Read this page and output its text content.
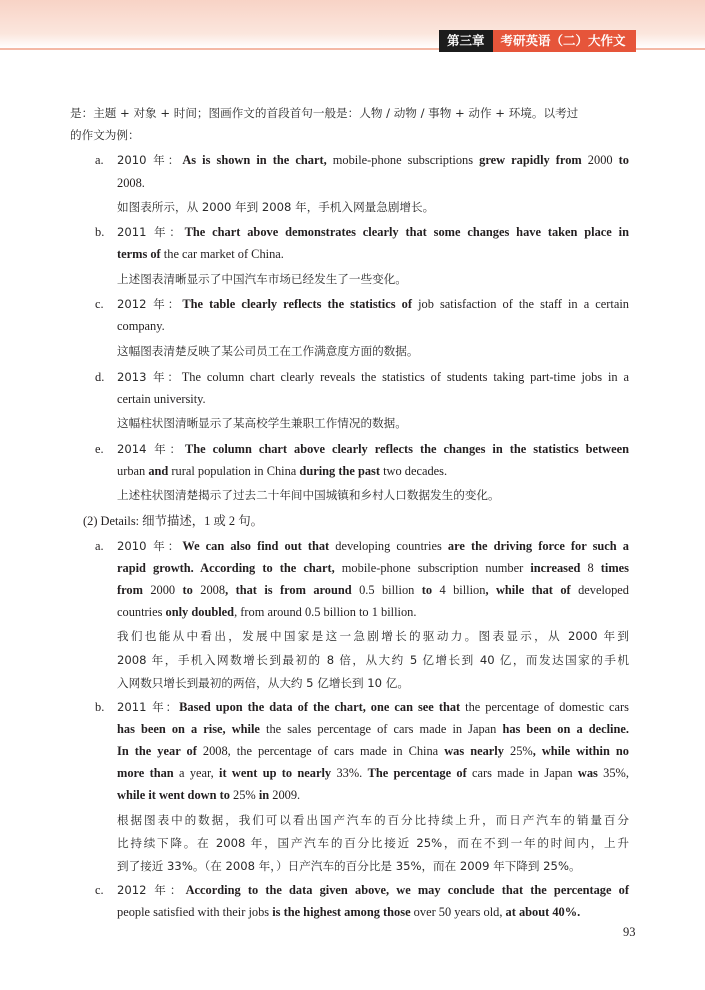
第三章	考研英语（二）大作文
是：主题 + 对象 + 时间；图画作文的首段首句一般是：人物 / 动物 / 事物 + 动作 + 环境。以考过
的作文为例：
a. 2010 年：As is shown in the chart, mobile-phone subscriptions grew rapidly from 2000 to
2008.
如图表所示，从 2000 年到 2008 年，手机入网量急剧增长。
b. 2011 年：The chart above demonstrates clearly that some changes have taken place in
terms of the car market of China.
上述图表清晰显示了中国汽车市场已经发生了一些变化。
c. 2012 年：The table clearly reflects the statistics of job satisfaction of the staff in a certain
company.
这幅图表清楚反映了某公司员工在工作满意度方面的数据。
d. 2013 年：The column chart clearly reveals the statistics of students taking part-time jobs in a
certain university.
这幅柱状图清晰显示了某高校学生兼职工作情况的数据。
e. 2014 年：The column chart above clearly reflects the changes in the statistics between
urban and rural population in China during the past two decades.
上述柱状图清楚揭示了过去二十年间中国城镇和乡村人口数据发生的变化。
(2) Details: 细节描述，1 或 2 句。
a. 2010 年：We can also find out that developing countries are the driving force for such a
rapid growth. According to the chart, mobile-phone subscription number increased 8 times
from 2000 to 2008, that is from around 0.5 billion to 4 billion, while that of developed
countries only doubled, from around 0.5 billion to 1 billion.
我们也能从中看出，发展中国家是这一急剧增长的驱动力。图表显示，从 2000 年到
2008 年，手机入网数增长到最初的 8 倍，从大约 5 亿增长到 40 亿，而发达国家的手机
入网数只增长到最初的两倍，从大约 5 亿增长到 10 亿。
b. 2011 年：Based upon the data of the chart, one can see that the percentage of domestic cars
has been on a rise, while the sales percentage of cars made in Japan has been on a decline.
In the year of 2008, the percentage of cars made in China was nearly 25%, while within no
more than a year, it went up to nearly 33%. The percentage of cars made in Japan was 35%,
while it went down to 25% in 2009.
根据图表中的数据，我们可以看出国产汽车的百分比持续上升，而日产汽车的销量百分
比持续下降。在 2008 年，国产汽车的百分比接近 25%，而在不到一年的时间内，上升
到了接近 33%。（在 2008 年，）日产汽车的百分比是 35%，而在 2009 年下降到 25%。
c. 2012 年：According to the data given above, we may conclude that the percentage of
people satisfied with their jobs is the highest among those over 50 years old, at about 40%.
93
